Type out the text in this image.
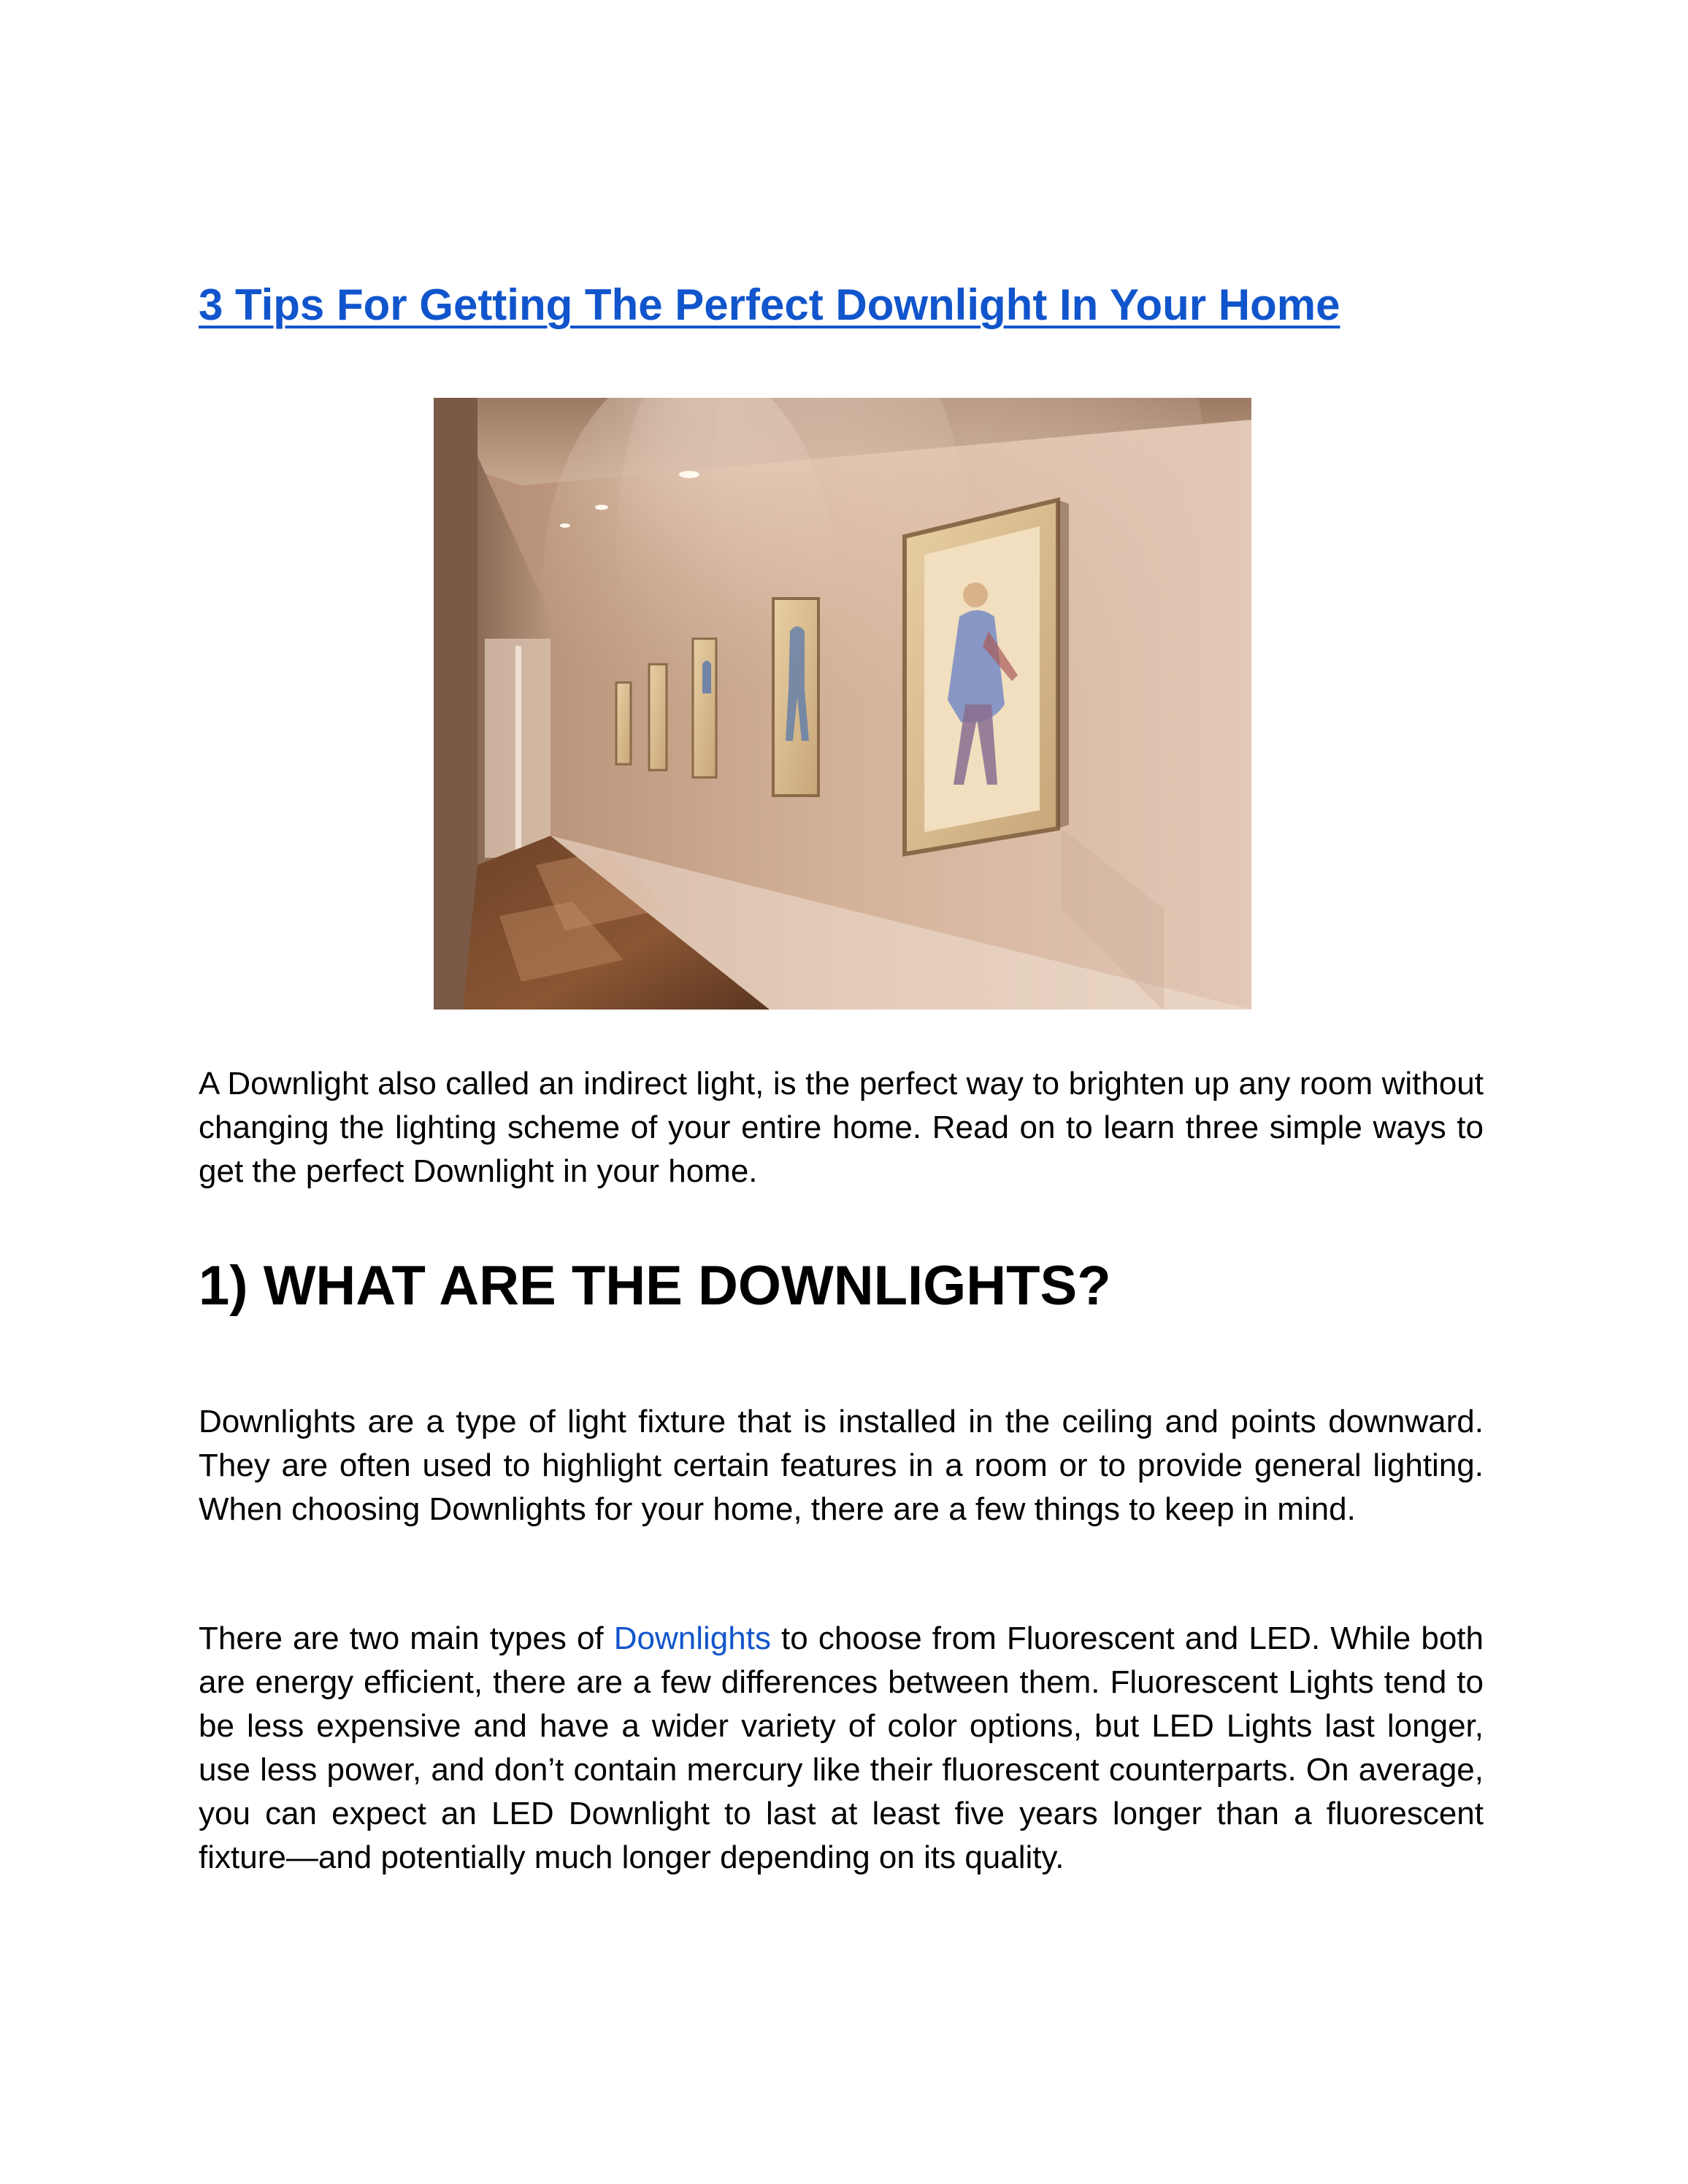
3 Tips For Getting The Perfect Downlight In Your Home

A Downlight also called an indirect light, is the perfect way to brighten up any room without changing the lighting scheme of your entire home. Read on to learn three simple ways to get the perfect Downlight in your home.

1) WHAT ARE THE DOWNLIGHTS?

Downlights are a type of light fixture that is installed in the ceiling and points downward. They are often used to highlight certain features in a room or to provide general lighting. When choosing Downlights for your home, there are a few things to keep in mind.

There are two main types of Downlights to choose from Fluorescent and LED. While both are energy efficient, there are a few differences between them. Fluorescent Lights tend to be less expensive and have a wider variety of color options, but LED Lights last longer, use less power, and don’t contain mercury like their fluorescent counterparts. On average, you can expect an LED Downlight to last at least five years longer than a fluorescent fixture—and potentially much longer depending on its quality.
